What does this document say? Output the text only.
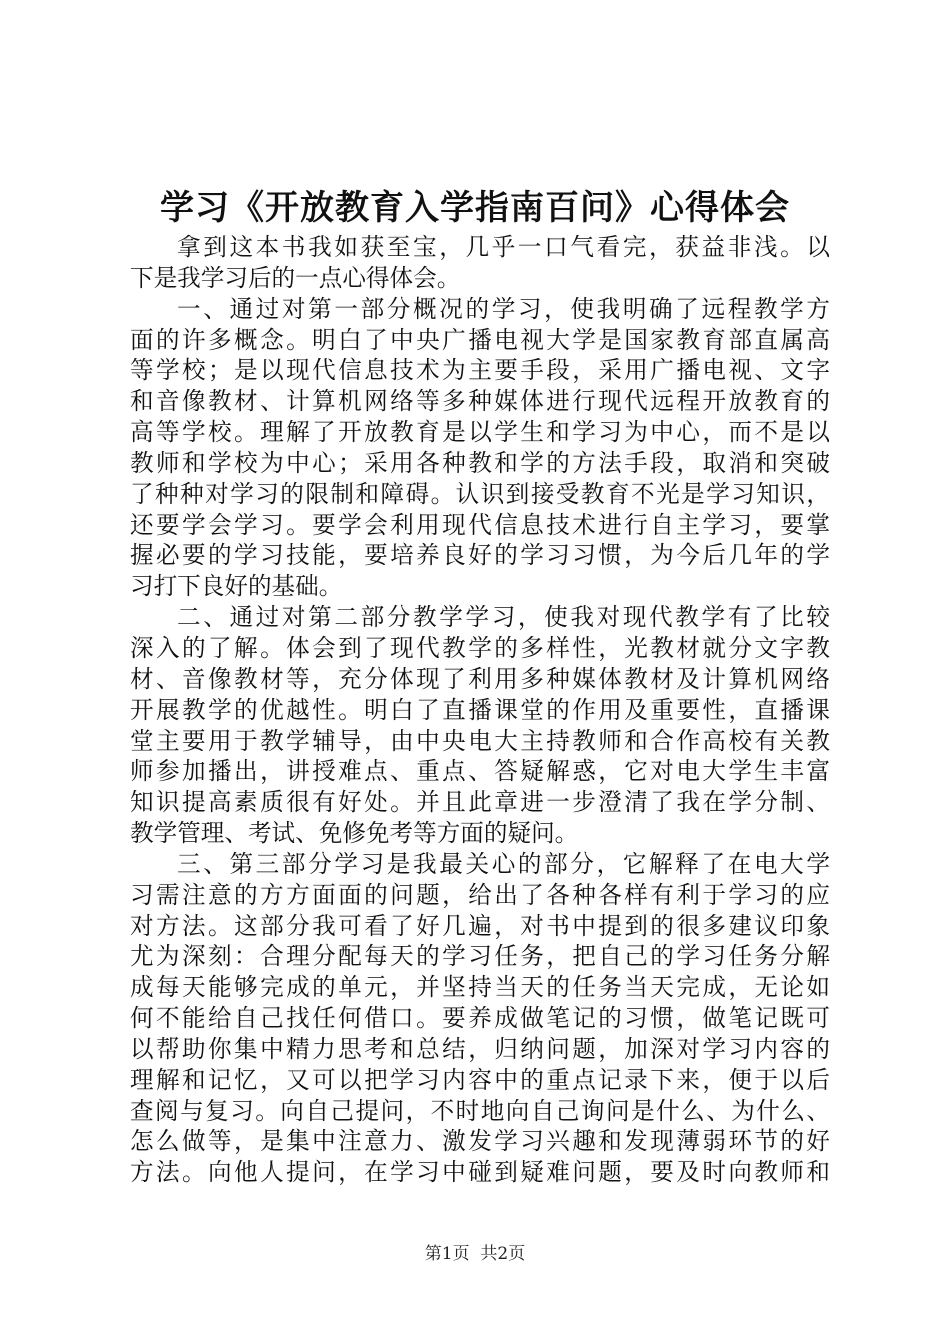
学习《开放教育入学指南百问》心得体会
拿到这本书我如获至宝，几乎一口气看完，获益非浅。以
下是我学习后的一点心得体会。
一、通过对第一部分概况的学习，使我明确了远程教学方
面的许多概念。明白了中央广播电视大学是国家教育部直属高
等学校；是以现代信息技术为主要手段，采用广播电视、文字
和音像教材、计算机网络等多种媒体进行现代远程开放教育的
高等学校。理解了开放教育是以学生和学习为中心，而不是以
教师和学校为中心；采用各种教和学的方法手段，取消和突破
了种种对学习的限制和障碍。认识到接受教育不光是学习知识，
还要学会学习。要学会利用现代信息技术进行自主学习，要掌
握必要的学习技能，要培养良好的学习习惯，为今后几年的学
习打下良好的基础。
二、通过对第二部分教学学习，使我对现代教学有了比较
深入的了解。体会到了现代教学的多样性，光教材就分文字教
材、音像教材等，充分体现了利用多种媒体教材及计算机网络
开展教学的优越性。明白了直播课堂的作用及重要性，直播课
堂主要用于教学辅导，由中央电大主持教师和合作高校有关教
师参加播出，讲授难点、重点、答疑解惑，它对电大学生丰富
知识提高素质很有好处。并且此章进一步澄清了我在学分制、
教学管理、考试、免修免考等方面的疑问。
三、第三部分学习是我最关心的部分，它解释了在电大学
习需注意的方方面面的问题，给出了各种各样有利于学习的应
对方法。这部分我可看了好几遍，对书中提到的很多建议印象
尤为深刻：合理分配每天的学习任务，把自己的学习任务分解
成每天能够完成的单元，并坚持当天的任务当天完成，无论如
何不能给自己找任何借口。要养成做笔记的习惯，做笔记既可
以帮助你集中精力思考和总结，归纳问题，加深对学习内容的
理解和记忆，又可以把学习内容中的重点记录下来，便于以后
查阅与复习。向自己提问，不时地向自己询问是什么、为什么、
怎么做等，是集中注意力、激发学习兴趣和发现薄弱环节的好
方法。向他人提问，在学习中碰到疑难问题，要及时向教师和
第1页  共2页
